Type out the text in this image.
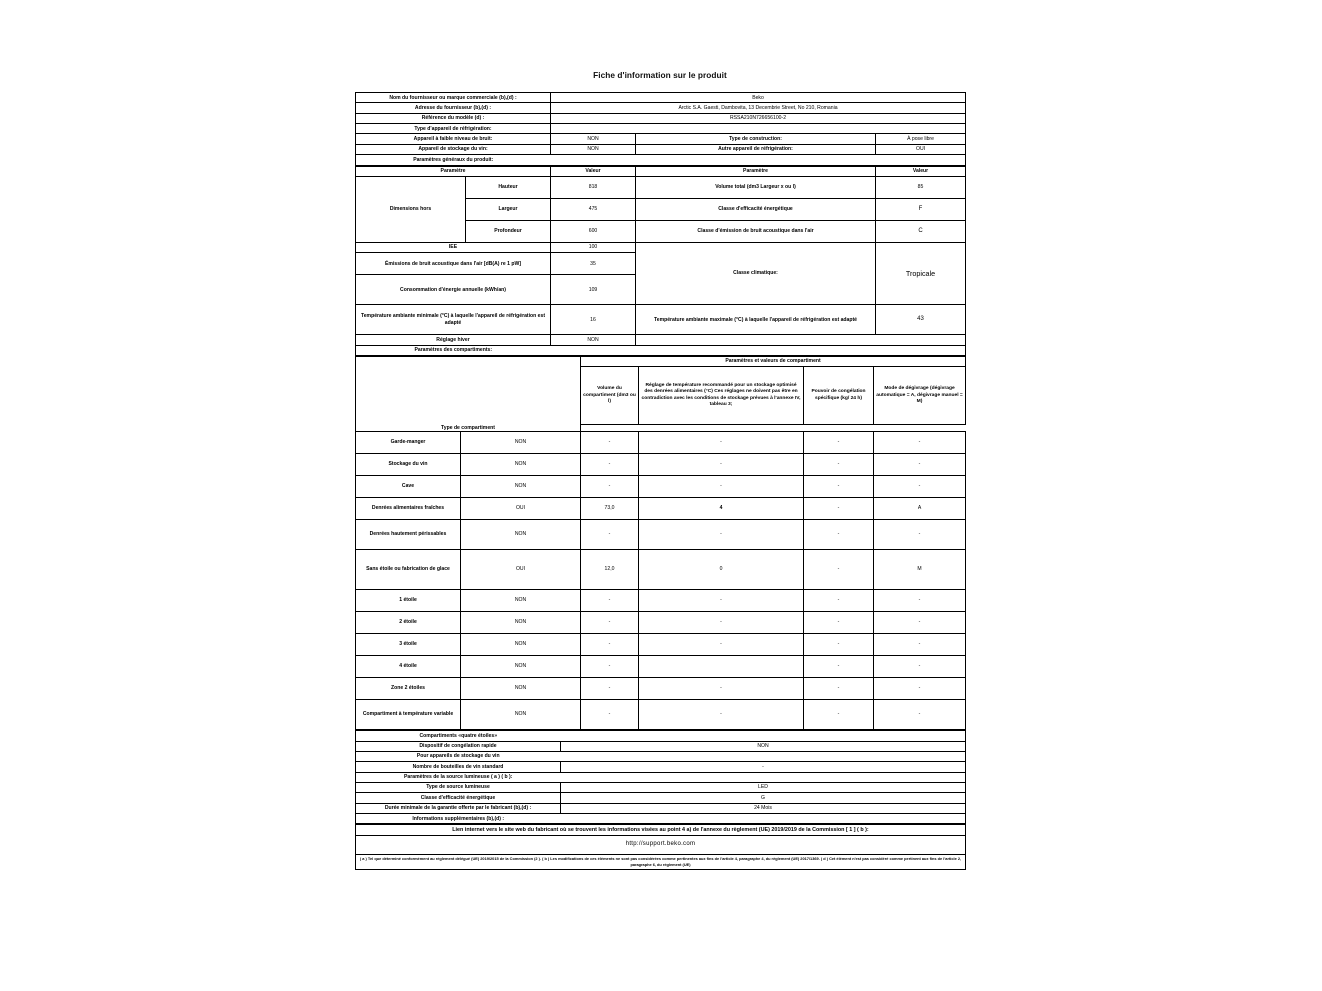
Fiche d'information sur le produit
Nom du fournisseur ou marque commerciale (b),(d) :	Beko		
Adresse du fournisseur (b),(d) :	Arctic S.A. Gaesti, Dambovita, 13 Decembrie Street, No 210, Romania		
Référence du modèle (d) :	RSSA210N726656100-2		
Type d'appareil de réfrigération:			
Appareil à faible niveau de bruit:	NON	Type de construction:	À pose libre
Appareil de stockage du vin:	NON	Autre appareil de réfrigération:	OUI
Paramètres généraux du produit:			
Paramètre		Valeur	Paramètre	Valeur
Dimensions hors	Hauteur	818	Volume total (dm3 Largeur x ou l)	85
	Largeur	475	Classe d'efficacité énergétique	F
	Profondeur	600	Classe d'émission de bruit acoustique dans l'air	C
IEE		100	Classe climatique:	Tropicale
Émissions de bruit acoustique dans l'air [dB(A) re 1 pW]		35		
Consommation d'énergie annuelle (kWh/an)		109		
Température ambiante minimale (°C) à laquelle l'appareil de réfrigération est adapté		16	Température ambiante maximale (°C) à laquelle l'appareil de réfrigération est adapté	43
Réglage hiver		NON		
Paramètres des compartiments:				
		Paramètres et valeurs de compartiment			
		Volume du compartiment (dm3 ou l)	Réglage de température recommandé pour un stockage optimisé des denrées alimentaires (°C) Ces réglages ne doivent pas être en contradiction avec les conditions de stockage prévues à l'annexe IV, tableau 3;	Pouvoir de congélation spécifique (kg/ 24 h)	Mode de dégivrage (dégivrage automatique = A, dégivrage manuel = M)
Type de compartiment					
Garde-manger	NON	-	-	-	-
Stockage du vin	NON	-	-	-	-
Cave	NON	-	-	-	-
Denrées alimentaires fraîches	OUI	73,0	4	-	A
Denrées hautement périssables	NON	-	-	-	-
Sans étoile ou fabrication de glace	OUI	12,0	0	-	M
1 étoile	NON	-	-	-	-
2 étoile	NON	-	-	-	-
3 étoile	NON	-	-	-	-
4 étoile	NON	-		-	-
Zone 2 étoiles	NON	-	-	-	-
Compartiment à température variable	NON	-	-	-	-
Compartiments «quatre étoiles»	
Dispositif de congélation rapide	NON
Pour appareils de stockage du vin	
Nombre de bouteilles de vin standard	-
Paramètres de la source lumineuse ( a ) ( b ):	
Type de source lumineuse	LED
Classe d'efficacité énergétique	G
Durée minimale de la garantie offerte par le fabricant (b),(d) :	24 Mois
Informations supplémentaires (b),(d) :	
Lien internet vers le site web du fabricant où se trouvent les informations visées au point 4 a) de l'annexe du règlement (UE) 2019/2019 de la Commission [ 1 ] ( b ):
http://support.beko.com
( a ) Tel que déterminé conformément au règlement délégué (UE) 2019/2015 de la Commission (2 ). ( b ) Les modifications de ces éléments ne sont pas considérées comme pertinentes aux fins de l'article 4, paragraphe 4, du règlement (UE) 2017/1369. ( d ) Cet élément n'est pas considéré comme pertinent aux fins de l'article 2, paragraphe 6, du règlement (UE)
